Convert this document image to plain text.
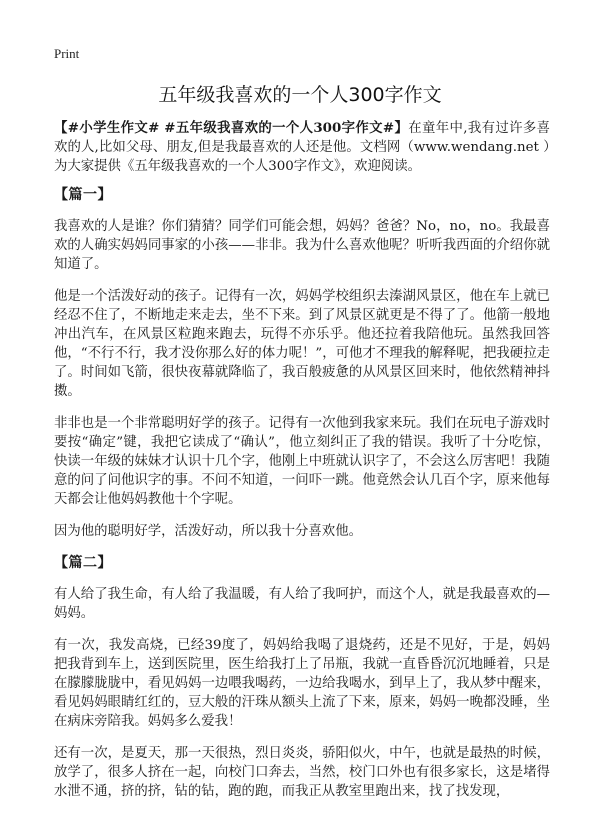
Print
五年级我喜欢的一个人300字作文

【#小学生作文# #五年级我喜欢的一个人300字作文#】在童年中,我有过许多喜欢的人,比如父母、朋友,但是我最喜欢的人还是他。文档网（www.wendang.net ）为大家提供《五年级我喜欢的一个人300字作文》，欢迎阅读。

【篇一】

我喜欢的人是谁？你们猜猜？同学们可能会想，妈妈？爸爸？No，no，no。我最喜欢的人确实妈妈同事家的小孩——非非。我为什么喜欢他呢？听听我西面的介绍你就知道了。

他是一个活泼好动的孩子。记得有一次，妈妈学校组织去溱湖风景区，他在车上就已经忍不住了，不断地走来走去，坐不下来。到了风景区就更是不得了了。他箭一般地冲出汽车，在风景区粒跑来跑去，玩得不亦乐乎。他还拉着我陪他玩。虽然我回答他，“不行不行，我才没你那么好的体力呢！”，可他才不理我的解释呢，把我硬拉走了。时间如飞箭，很快夜幕就降临了，我百般疲惫的从风景区回来时，他依然精神抖擞。

非非也是一个非常聪明好学的孩子。记得有一次他到我家来玩。我们在玩电子游戏时要按“确定”键，我把它读成了“确认”，他立刻纠正了我的错误。我听了十分吃惊，快读一年级的妹妹才认识十几个字，他刚上中班就认识字了，不会这么厉害吧！我随意的问了问他识字的事。不问不知道，一问吓一跳。他竟然会认几百个字，原来他每天都会让他妈妈教他十个字呢。

因为他的聪明好学，活泼好动，所以我十分喜欢他。

【篇二】

有人给了我生命，有人给了我温暖，有人给了我呵护，而这个人，就是我最喜欢的—妈妈。

有一次，我发高烧，已经39度了，妈妈给我喝了退烧药，还是不见好，于是，妈妈把我背到车上，送到医院里，医生给我打上了吊瓶，我就一直昏昏沉沉地睡着，只是在朦朦胧胧中，看见妈妈一边喂我喝药，一边给我喝水，到早上了，我从梦中醒来，看见妈妈眼睛红红的，豆大般的汗珠从额头上流了下来，原来，妈妈一晚都没睡，坐在病床旁陪我。妈妈多么爱我！

还有一次，是夏天，那一天很热，烈日炎炎，骄阳似火，中午，也就是最热的时候，放学了，很多人挤在一起，向校门口奔去，当然，校门口外也有很多家长，这是堵得水泄不通，挤的挤，钻的钻，跑的跑，而我正从教室里跑出来，找了找发现，
